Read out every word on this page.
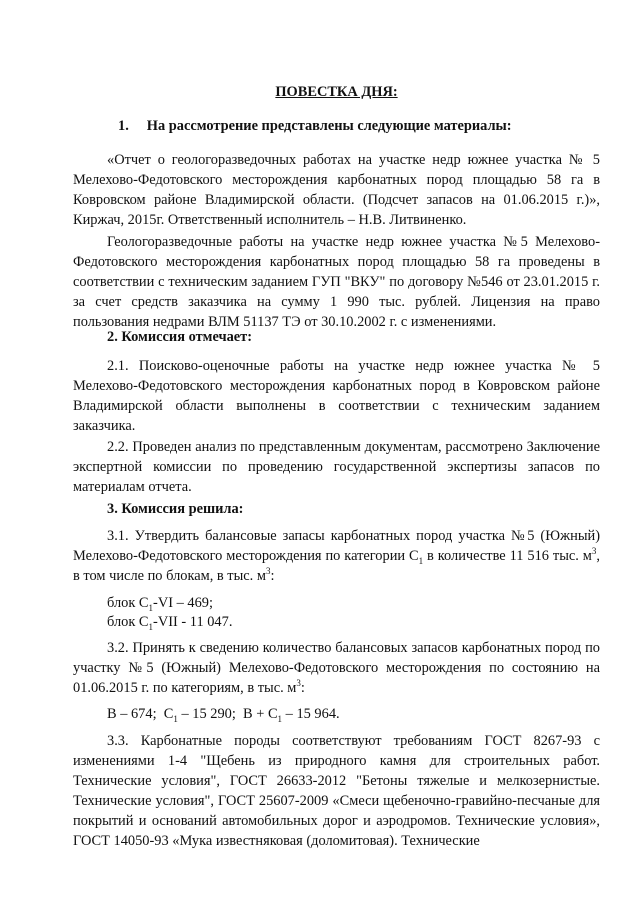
ПОВЕСТКА ДНЯ:
1.     На рассмотрение представлены следующие материалы:

«Отчет о геологоразведочных работах на участке недр южнее участка № 5 Мелехово-Федотовского месторождения карбонатных пород площадью 58 га в Ковровском районе Владимирской области. (Подсчет запасов на 01.06.2015 г.)», Киржач, 2015г. Ответственный исполнитель – Н.В. Литвиненко.

Геологоразведочные работы на участке недр южнее участка №5 Мелехово-Федотовского месторождения карбонатных пород площадью 58 га проведены в соответствии с техническим заданием ГУП "ВКУ" по договору №546 от 23.01.2015 г. за счет средств заказчика на сумму 1 990 тыс. рублей. Лицензия на право пользования недрами ВЛМ 51137 ТЭ от 30.10.2002 г. с изменениями.

2. Комиссия отмечает:

2.1. Поисково-оценочные работы на участке недр южнее участка № 5 Мелехово-Федотовского месторождения карбонатных пород в Ковровском районе Владимирской области выполнены в соответствии с техническим заданием заказчика.

2.2. Проведен анализ по представленным документам, рассмотрено Заключение экспертной комиссии по проведению государственной экспертизы запасов по материалам отчета.

3. Комиссия решила:

3.1. Утвердить балансовые запасы карбонатных пород участка №5 (Южный) Мелехово-Федотовского месторождения по категории $С_1$ в количестве 11 516 тыс. $м^3$, в том числе по блокам, в тыс. $м^3$:

блок $С_1-VI - 469$;
блок $С_1$-VII - 11 047.

3.2. Принять к сведению количество балансовых запасов карбонатных пород по участку №5 (Южный) Мелехово-Федотовского месторождения по состоянию на 01.06.2015 г. по категориям, в тыс. $м^3$:

В – 674;  $С_1 - 15$ 290;  $В + С_1 - 15$ 964.

3.3. Карбонатные породы соответствуют требованиям ГОСТ 8267-93 с изменениями 1-4 "Щебень из природного камня для строительных работ. Технические условия", ГОСТ 26633-2012 "Бетоны тяжелые и мелкозернистые. Технические условия", ГОСТ 25607-2009 «Смеси щебеночно-гравийно-песчаные для покрытий и оснований автомобильных дорог и аэродромов. Технические условия», ГОСТ 14050-93 «Мука известняковая (доломитовая). Технические
